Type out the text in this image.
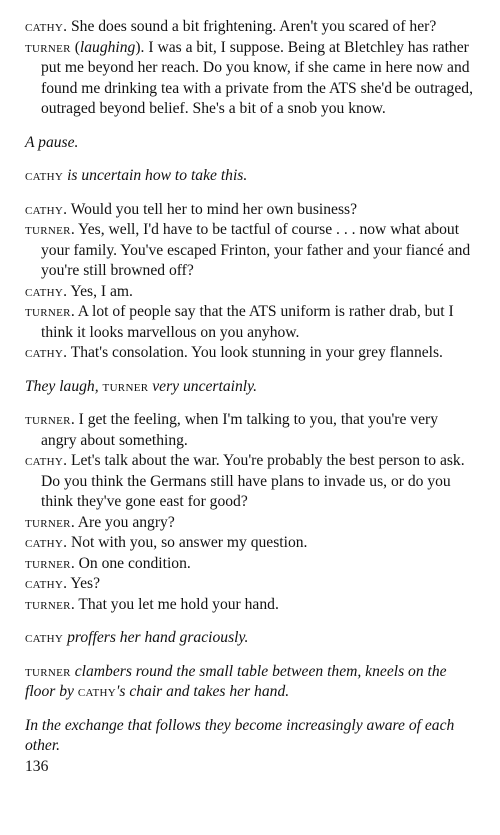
cathy. She does sound a bit frightening. Aren't you scared of her?

turner (laughing). I was a bit, I suppose. Being at Bletchley has rather put me beyond her reach. Do you know, if she came in here now and found me drinking tea with a private from the ATS she'd be outraged, outraged beyond belief. She's a bit of a snob you know.

A pause.

cathy is uncertain how to take this.

cathy. Would you tell her to mind her own business?

turner. Yes, well, I'd have to be tactful of course . . . now what about your family. You've escaped Frinton, your father and your fiancé and you're still browned off?

cathy. Yes, I am.

turner. A lot of people say that the ATS uniform is rather drab, but I think it looks marvellous on you anyhow.

cathy. That's consolation. You look stunning in your grey flannels.

They laugh, turner very uncertainly.

turner. I get the feeling, when I'm talking to you, that you're very angry about something.

cathy. Let's talk about the war. You're probably the best person to ask. Do you think the Germans still have plans to invade us, or do you think they've gone east for good?

turner. Are you angry?

cathy. Not with you, so answer my question.

turner. On one condition.

cathy. Yes?

turner. That you let me hold your hand.

cathy proffers her hand graciously.

turner clambers round the small table between them, kneels on the floor by cathy's chair and takes her hand.

In the exchange that follows they become increasingly aware of each other.

136
